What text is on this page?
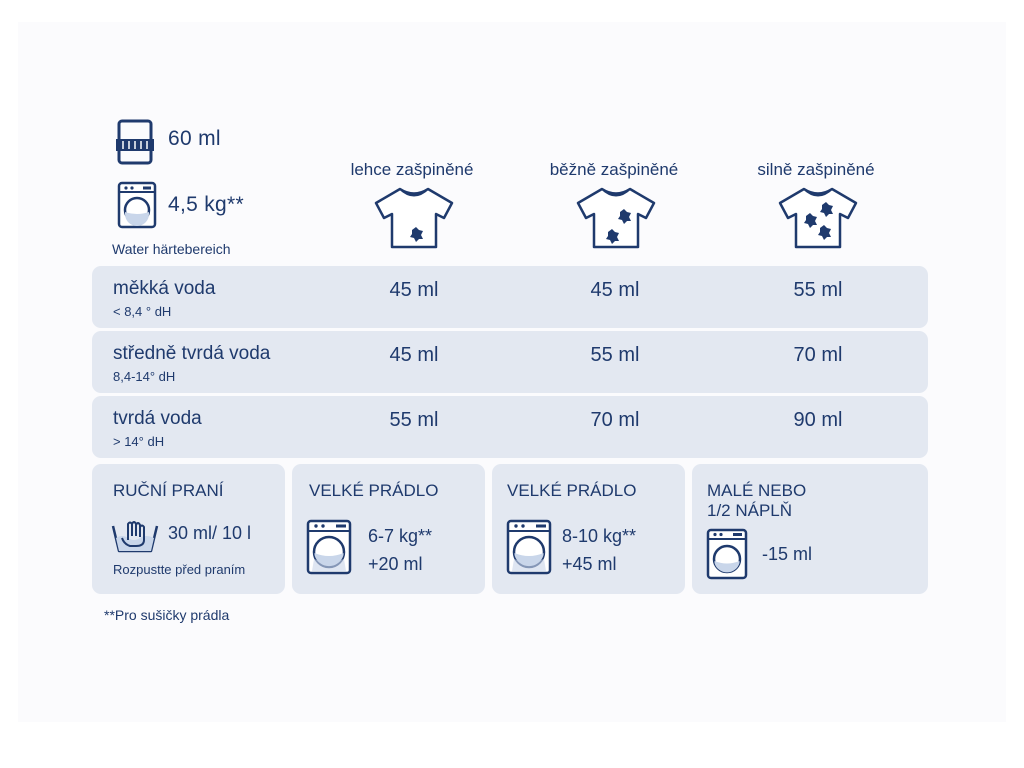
60 ml
4,5 kg**
Water härtebereich
lehce zašpiněné	běžně zašpiněné	silně zašpiněné
měkká voda
< 8,4 ° dH
45 ml	45 ml	55 ml
středně tvrdá voda
8,4-14° dH
45 ml	55 ml	70 ml
tvrdá voda
> 14° dH
55 ml	70 ml	90 ml
RUČNÍ PRANÍ
30 ml/ 10 l
Rozpustte před praním
VELKÉ PRÁDLO
6-7 kg**
+20 ml
VELKÉ PRÁDLO
8-10 kg**
+45 ml
MALÉ NEBO
1/2 NÁPLŇ
-15 ml
**Pro sušičky prádla
